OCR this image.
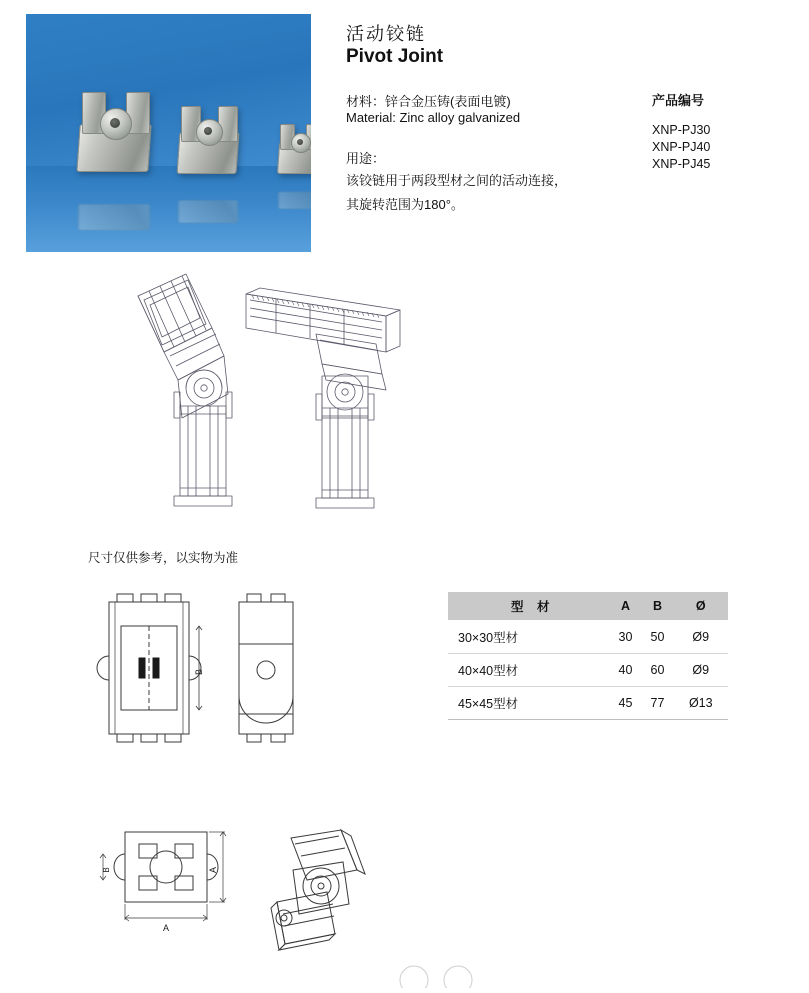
活动铰链
Pivot Joint
材料：锌合金压铸(表面电镀)
Material: Zinc alloy galvanized
用途：
该铰链用于两段型材之间的活动连接，
其旋转范围为180°。
产品编号
XNP-PJ30
XNP-PJ40
XNP-PJ45
尺寸仅供参考，以实物为准
B
A
A
B
型 材	A	B	Ø
30×30型材	30	50	Ø9
40×40型材	40	60	Ø9
45×45型材	45	77	Ø13
